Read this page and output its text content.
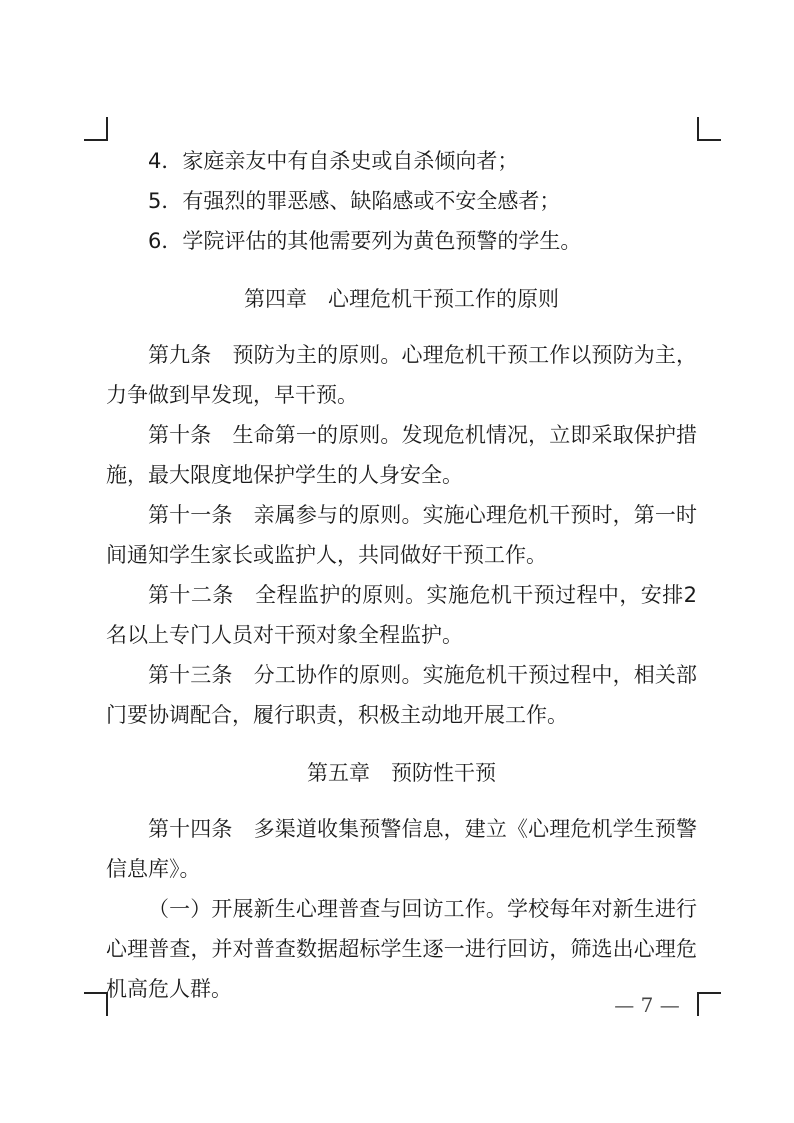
4．家庭亲友中有自杀史或自杀倾向者；

5．有强烈的罪恶感、缺陷感或不安全感者；

6．学院评估的其他需要列为黄色预警的学生。

第四章 心理危机干预工作的原则

第九条 预防为主的原则。心理危机干预工作以预防为主，力争做到早发现，早干预。

第十条 生命第一的原则。发现危机情况，立即采取保护措施，最大限度地保护学生的人身安全。

第十一条 亲属参与的原则。实施心理危机干预时，第一时间通知学生家长或监护人，共同做好干预工作。

第十二条 全程监护的原则。实施危机干预过程中，安排2名以上专门人员对干预对象全程监护。

第十三条 分工协作的原则。实施危机干预过程中，相关部门要协调配合，履行职责，积极主动地开展工作。

第五章 预防性干预

第十四条 多渠道收集预警信息，建立《心理危机学生预警信息库》。

（一）开展新生心理普查与回访工作。学校每年对新生进行心理普查，并对普查数据超标学生逐一进行回访，筛选出心理危机高危人群。

— 7 —
